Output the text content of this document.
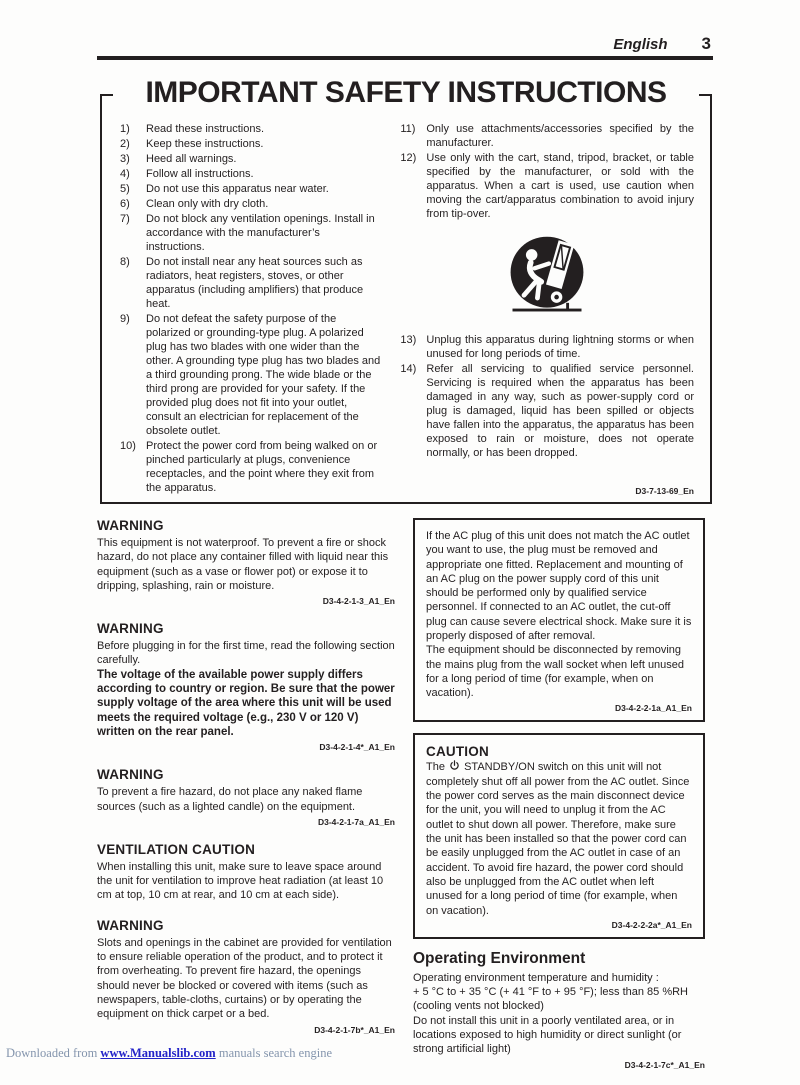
English 3
IMPORTANT SAFETY INSTRUCTIONS
1)	Read these instructions.
2)	Keep these instructions.
3)	Heed all warnings.
4)	Follow all instructions.
5)	Do not use this apparatus near water.
6)	Clean only with dry cloth.
7)	Do not block any ventilation openings. Install in accordance with the manufacturer’s instructions.
8)	Do not install near any heat sources such as radiators, heat registers, stoves, or other apparatus (including amplifiers) that produce heat.
9)	Do not defeat the safety purpose of the polarized or grounding-type plug. A polarized plug has two blades with one wider than the other. A grounding type plug has two blades and a third grounding prong. The wide blade or the third prong are provided for your safety. If the provided plug does not fit into your outlet, consult an electrician for replacement of the obsolete outlet.
10) Protect the power cord from being walked on or pinched particularly at plugs, convenience receptacles, and the point where they exit from the apparatus.
11) Only use attachments/accessories specified by the manufacturer.
12) Use only with the cart, stand, tripod, bracket, or table specified by the manufacturer, or sold with the apparatus. When a cart is used, use caution when moving the cart/apparatus combination to avoid injury from tip-over.
13) Unplug this apparatus during lightning storms or when unused for long periods of time.
14) Refer all servicing to qualified service personnel. Servicing is required when the apparatus has been damaged in any way, such as power-supply cord or plug is damaged, liquid has been spilled or objects have fallen into the apparatus, the apparatus has been exposed to rain or moisture, does not operate normally, or has been dropped.
D3-7-13-69_En
WARNING
This equipment is not waterproof. To prevent a fire or shock hazard, do not place any container filled with liquid near this equipment (such as a vase or flower pot) or expose it to dripping, splashing, rain or moisture.
D3-4-2-1-3_A1_En
WARNING
Before plugging in for the first time, read the following section carefully.
The voltage of the available power supply differs according to country or region. Be sure that the power supply voltage of the area where this unit will be used meets the required voltage (e.g., 230 V or 120 V) written on the rear panel.
D3-4-2-1-4*_A1_En
WARNING
To prevent a fire hazard, do not place any naked flame sources (such as a lighted candle) on the equipment.
D3-4-2-1-7a_A1_En
VENTILATION CAUTION
When installing this unit, make sure to leave space around the unit for ventilation to improve heat radiation (at least 10 cm at top, 10 cm at rear, and 10 cm at each side).
WARNING
Slots and openings in the cabinet are provided for ventilation to ensure reliable operation of the product, and to protect it from overheating. To prevent fire hazard, the openings should never be blocked or covered with items (such as newspapers, table-cloths, curtains) or by operating the equipment on thick carpet or a bed.
D3-4-2-1-7b*_A1_En
If the AC plug of this unit does not match the AC outlet you want to use, the plug must be removed and appropriate one fitted. Replacement and mounting of an AC plug on the power supply cord of this unit should be performed only by qualified service personnel. If connected to an AC outlet, the cut-off plug can cause severe electrical shock. Make sure it is properly disposed of after removal.
The equipment should be disconnected by removing the mains plug from the wall socket when left unused for a long period of time (for example, when on vacation).
D3-4-2-2-1a_A1_En
CAUTION
The STANDBY/ON switch on this unit will not completely shut off all power from the AC outlet. Since the power cord serves as the main disconnect device for the unit, you will need to unplug it from the AC outlet to shut down all power. Therefore, make sure the unit has been installed so that the power cord can be easily unplugged from the AC outlet in case of an accident. To avoid fire hazard, the power cord should also be unplugged from the AC outlet when left unused for a long period of time (for example, when on vacation).
D3-4-2-2-2a*_A1_En
Operating Environment
Operating environment temperature and humidity :
+ 5 °C to + 35 °C (+ 41 °F to + 95 °F); less than 85 %RH
(cooling vents not blocked)
Do not install this unit in a poorly ventilated area, or in locations exposed to high humidity or direct sunlight (or strong artificial light)
D3-4-2-1-7c*_A1_En
Downloaded from www.Manualslib.com manuals search engine
